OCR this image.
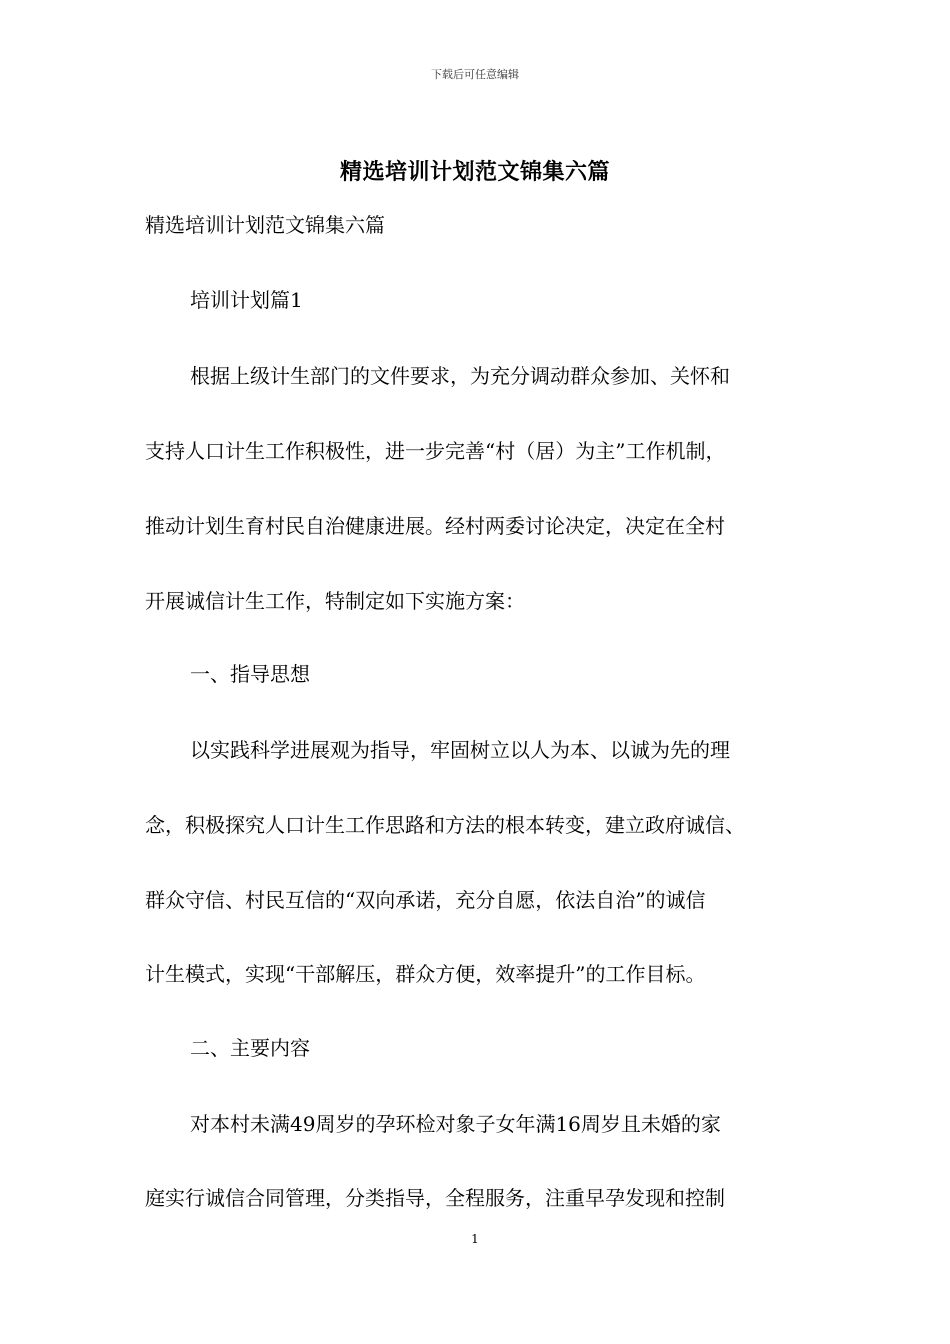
下载后可任意编辑
精选培训计划范文锦集六篇
精选培训计划范文锦集六篇
培训计划篇1
根据上级计生部门的文件要求，为充分调动群众参加、关怀和
支持人口计生工作积极性，进一步完善“村（居）为主”工作机制，
推动计划生育村民自治健康进展。经村两委讨论决定，决定在全村
开展诚信计生工作，特制定如下实施方案：
一、指导思想
以实践科学进展观为指导，牢固树立以人为本、以诚为先的理
念，积极探究人口计生工作思路和方法的根本转变，建立政府诚信、
群众守信、村民互信的“双向承诺，充分自愿，依法自治”的诚信
计生模式，实现“干部解压，群众方便，效率提升”的工作目标。
二、主要内容
对本村未满49周岁的孕环检对象子女年满16周岁且未婚的家
庭实行诚信合同管理，分类指导，全程服务，注重早孕发现和控制
1
